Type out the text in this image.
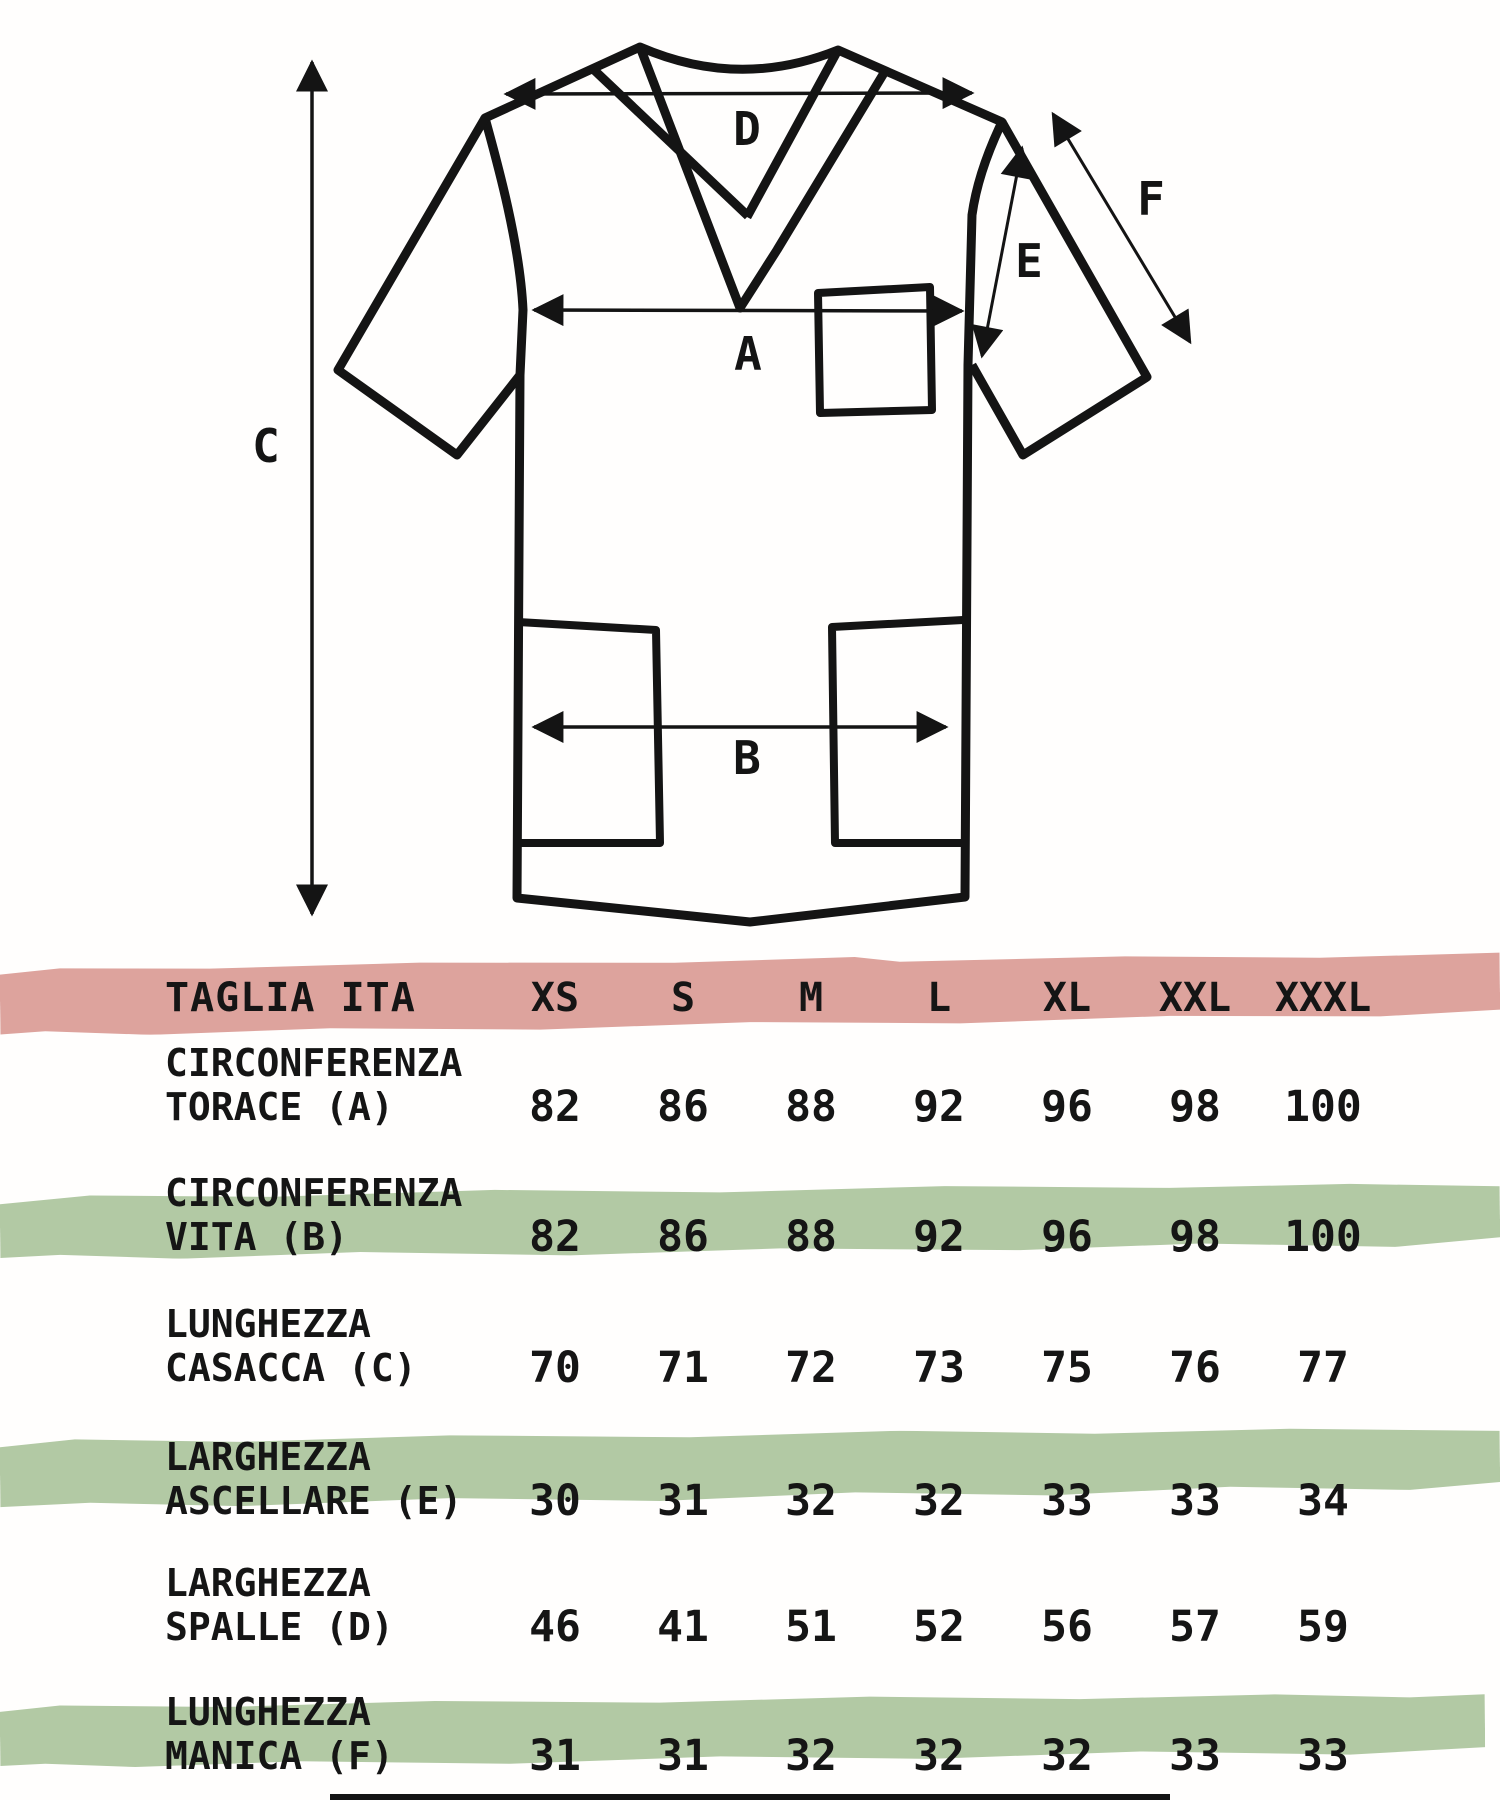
C
D
A
B
E
F
TAGLIA ITA	XS	S	M	L	XL	XXL	XXXL
CIRCONFERENZA
TORACE (A)	82	86	88	92	96	98	100
CIRCONFERENZA
VITA (B)	82	86	88	92	96	98	100
LUNGHEZZA
CASACCA (C)	70	71	72	73	75	76	77
LARGHEZZA
ASCELLARE (E)	30	31	32	32	33	33	34
LARGHEZZA
SPALLE (D)	46	41	51	52	56	57	59
LUNGHEZZA
MANICA (F)	31	31	32	32	32	33	33
